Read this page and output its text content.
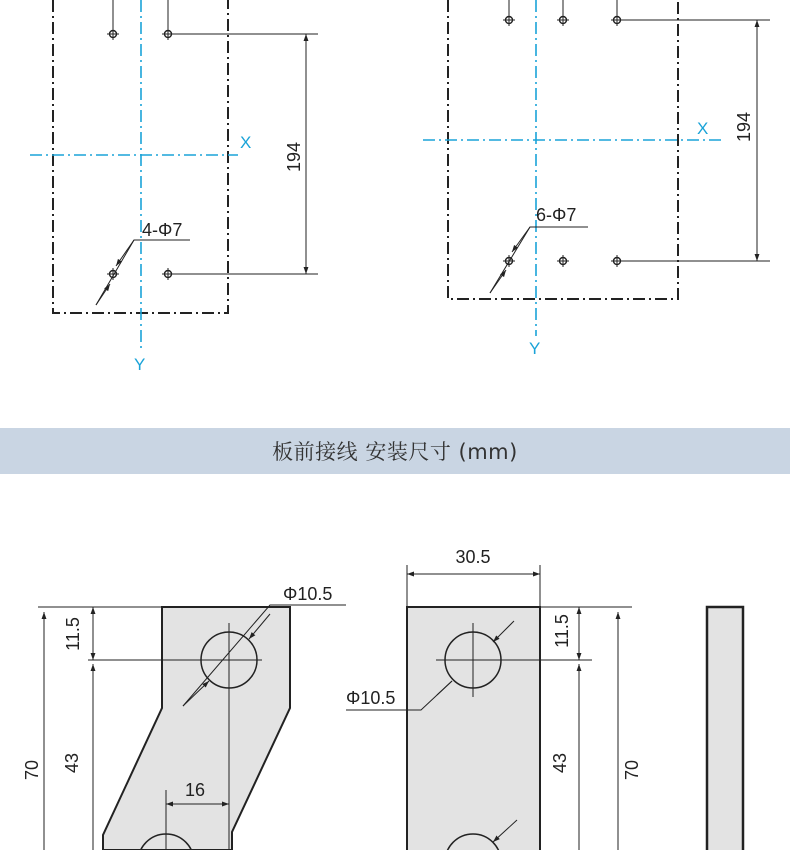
X
Y
194
4-Φ7
X
Y
194
6-Φ7
70
11.5
43
16
Φ10.5
30.5
11.5
43	70
Φ10.5
板前接线 安装尺寸 (mm)
